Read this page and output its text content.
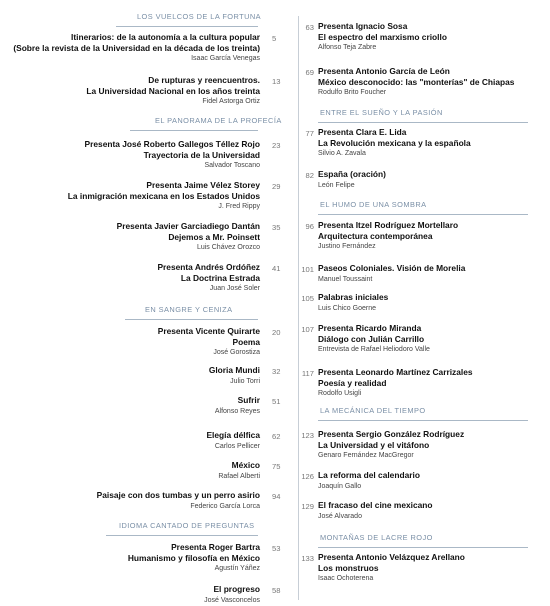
LOS VUELCOS DE LA FORTUNA
Itinerarios: de la autonomía a la cultura popular
(Sobre la revista de la Universidad en la década de los treinta)
Isaac García Venegas
5
De rupturas y reencuentros.
La Universidad Nacional en los años treinta
Fidel Astorga Ortiz
13
EL PANORAMA DE LA PROFECÍA
Presenta José Roberto Gallegos Téllez Rojo
Trayectoria de la Universidad
Salvador Toscano
23
Presenta Jaime Vélez Storey
La inmigración mexicana en los Estados Unidos
J. Fred Rippy
29
Presenta Javier Garciadiego Dantán
Dejemos a Mr. Poinsett
Luis Chávez Orozco
35
Presenta Andrés Ordóñez
La Doctrina Estrada
Juan José Soler
41
EN SANGRE Y CENIZA
Presenta Vicente Quirarte
Poema
José Gorostiza
20
Gloria Mundi
Julio Torri
32
Sufrir
Alfonso Reyes
51
Elegía délfica
Carlos Pellicer
62
México
Rafael Alberti
75
Paisaje con dos tumbas y un perro asirio
Federico García Lorca
94
IDIOMA CANTADO DE PREGUNTAS
Presenta Roger Bartra
Humanismo y filosofía en México
Agustín Yáñez
53
El progreso
José Vasconcelos
58
Presenta Ignacio Sosa
El espectro del marxismo criollo
Alfonso Teja Zabre
63
Presenta Antonio García de León
México desconocido: las "monterías" de Chiapas
Rodulfo Brito Foucher
69
ENTRE EL SUEÑO Y LA PASIÓN
Presenta Clara E. Lida
La Revolución mexicana y la española
Silvio A. Zavala
77
España (oración)
León Felipe
82
EL HUMO DE UNA SOMBRA
Presenta Itzel Rodríguez Mortellaro
Arquitectura contemporánea
Justino Fernández
96
Paseos Coloniales. Visión de Morelia
Manuel Toussaint
101
Palabras iniciales
Luis Chico Goerne
105
Presenta Ricardo Miranda
Diálogo con Julián Carrillo
Entrevista de Rafael Heliodoro Valle
107
Presenta Leonardo Martínez Carrizales
Poesía y realidad
Rodolfo Usigli
117
LA MECÁNICA DEL TIEMPO
Presenta Sergio González Rodríguez
La Universidad y el vitáfono
Genaro Fernández MacGregor
123
La reforma del calendario
Joaquín Gallo
126
El fracaso del cine mexicano
José Alvarado
129
MONTAÑAS DE LACRE ROJO
Presenta Antonio Velázquez Arellano
Los monstruos
Isaac Ochoterena
133
